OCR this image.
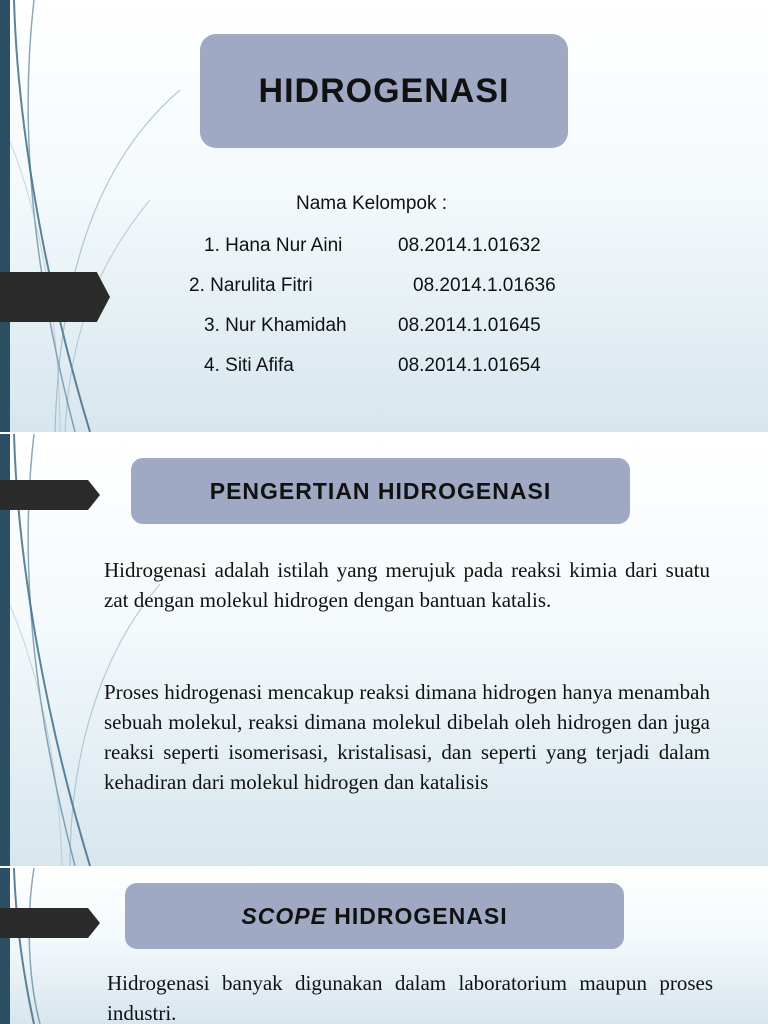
HIDROGENASI
Nama Kelompok :
1. Hana Nur Aini	08.2014.1.01632
2. Narulita Fitri	08.2014.1.01636
3. Nur Khamidah	08.2014.1.01645
4. Siti Afifa	08.2014.1.01654
PENGERTIAN HIDROGENASI

Hidrogenasi adalah istilah yang merujuk pada reaksi kimia dari suatu zat dengan molekul hidrogen dengan bantuan katalis.

Proses hidrogenasi mencakup reaksi dimana hidrogen hanya menambah sebuah molekul, reaksi dimana molekul dibelah oleh hidrogen dan juga reaksi seperti isomerisasi, kristalisasi, dan seperti yang terjadi dalam kehadiran dari molekul hidrogen dan katalisis

SCOPE HIDROGENASI

Hidrogenasi banyak digunakan dalam laboratorium maupun proses industri.
